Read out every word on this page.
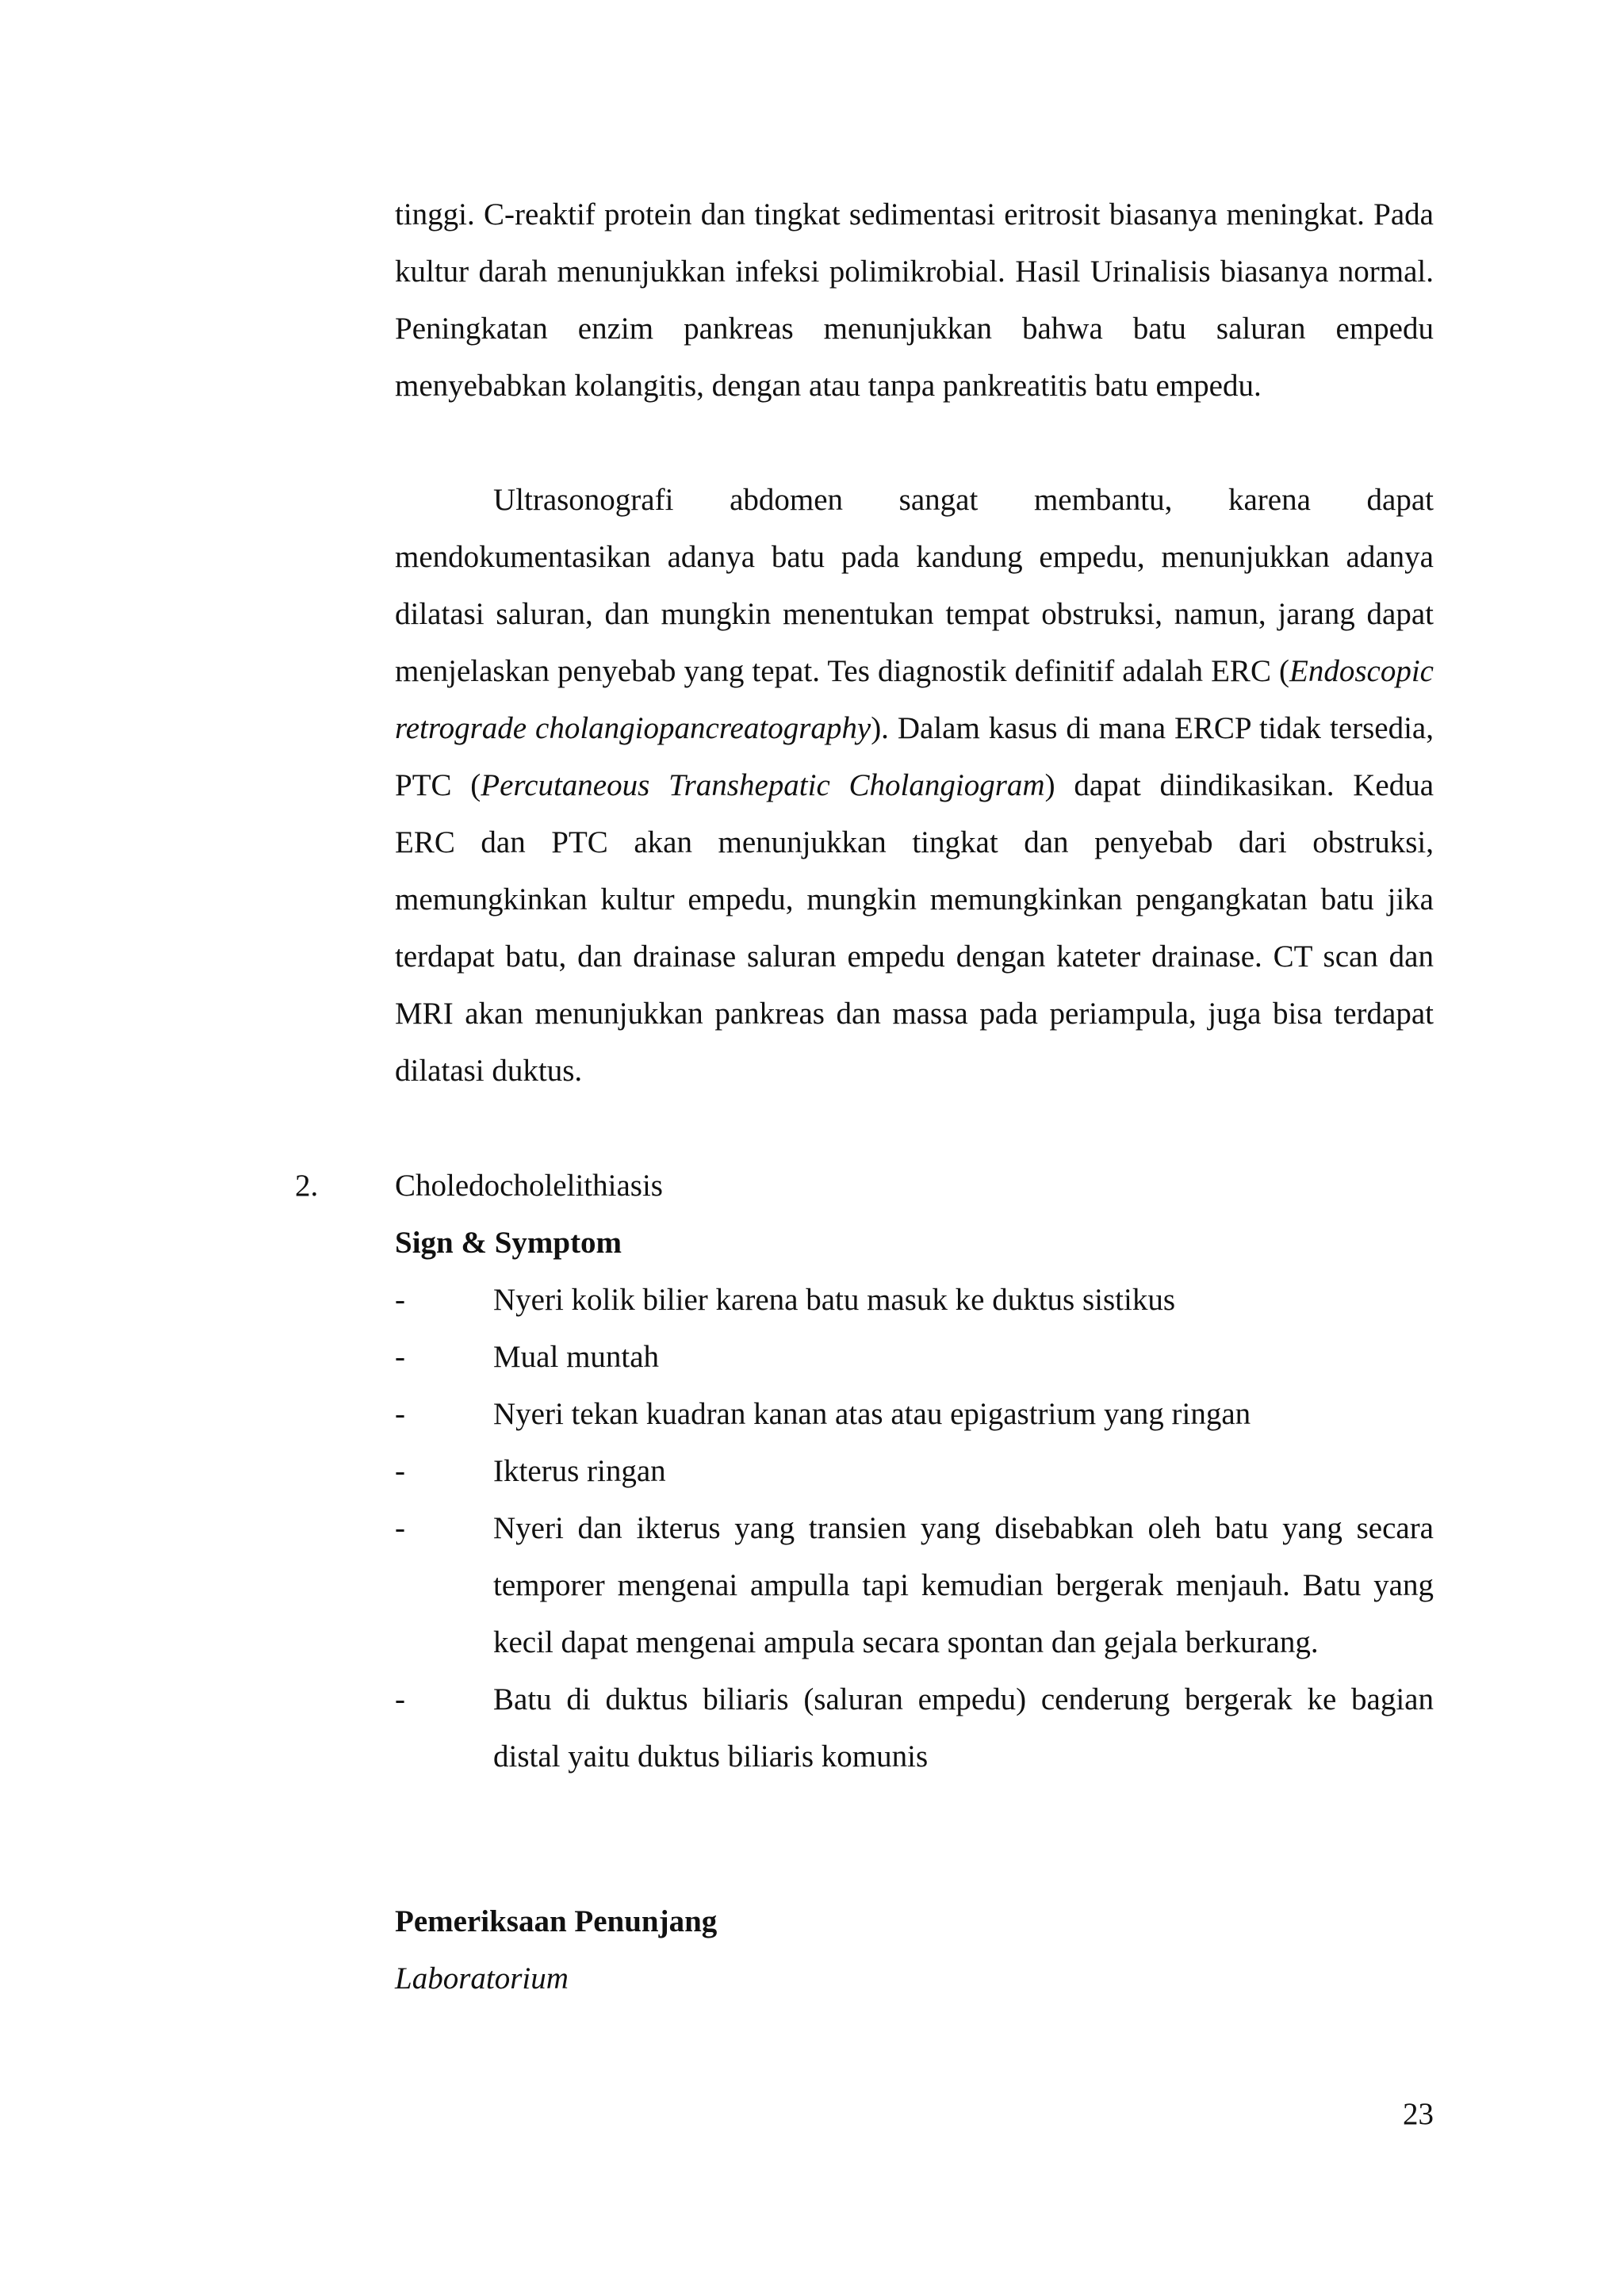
tinggi. C-reaktif protein dan tingkat sedimentasi eritrosit biasanya meningkat. Pada kultur darah menunjukkan infeksi polimikrobial. Hasil Urinalisis biasanya normal. Peningkatan enzim pankreas menunjukkan bahwa batu saluran empedu menyebabkan kolangitis, dengan atau tanpa pankreatitis batu empedu.

Ultrasonografi abdomen sangat membantu, karena dapat mendokumentasikan adanya batu pada kandung empedu, menunjukkan adanya dilatasi saluran, dan mungkin menentukan tempat obstruksi, namun, jarang dapat menjelaskan penyebab yang tepat. Tes diagnostik definitif adalah ERC (Endoscopic retrograde cholangiopancreatography). Dalam kasus di mana ERCP tidak tersedia, PTC (Percutaneous Transhepatic Cholangiogram) dapat diindikasikan. Kedua ERC dan PTC akan menunjukkan tingkat dan penyebab dari obstruksi, memungkinkan kultur empedu, mungkin memungkinkan pengangkatan batu jika terdapat batu, dan drainase saluran empedu dengan kateter drainase. CT scan dan MRI akan menunjukkan pankreas dan massa pada periampula, juga bisa terdapat dilatasi duktus.

2. Choledocholelithiasis
Sign & Symptom
-	Nyeri kolik bilier karena batu masuk ke duktus sistikus
-	Mual muntah
-	Nyeri tekan kuadran kanan atas atau epigastrium yang ringan
-	Ikterus ringan
-	Nyeri dan ikterus yang transien yang disebabkan oleh batu yang secara temporer mengenai ampulla tapi kemudian bergerak menjauh. Batu yang kecil dapat mengenai ampula secara spontan dan gejala berkurang.
-	Batu di duktus biliaris (saluran empedu) cenderung bergerak ke bagian distal yaitu duktus biliaris komunis
Pemeriksaan Penunjang
Laboratorium
23
